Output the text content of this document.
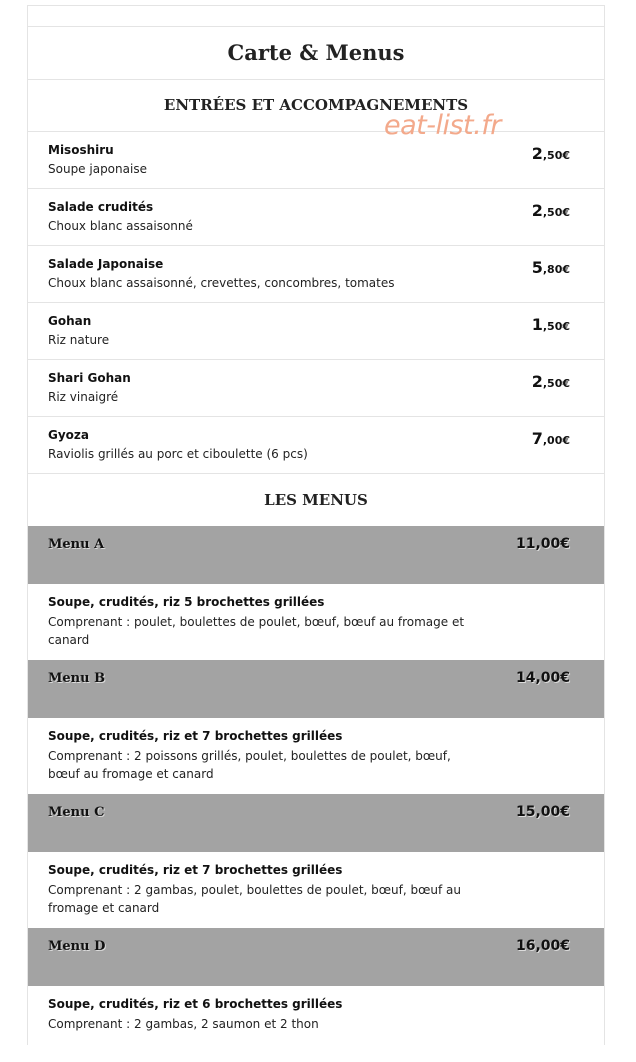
Carte & Menus
ENTRÉES ET ACCOMPAGNEMENTS
eat-list.fr
Misoshiru
Soupe japonaise
2,50€
Salade crudités
Choux blanc assaisonné
2,50€
Salade Japonaise
Choux blanc assaisonné, crevettes, concombres, tomates
5,80€
Gohan
Riz nature
1,50€
Shari Gohan
Riz vinaigré
2,50€
Gyoza
Raviolis grillés au porc et ciboulette (6 pcs)
7,00€
LES MENUS
Menu A	11,00€
Soupe, crudités, riz 5 brochettes grillées
Comprenant : poulet, boulettes de poulet, bœuf, bœuf au fromage et canard
Menu B	14,00€
Soupe, crudités, riz et 7 brochettes grillées
Comprenant : 2 poissons grillés, poulet, boulettes de poulet, bœuf, bœuf au fromage et canard
Menu C	15,00€
Soupe, crudités, riz et 7 brochettes grillées
Comprenant : 2 gambas, poulet, boulettes de poulet, bœuf, bœuf au fromage et canard
Menu D	16,00€
Soupe, crudités, riz et 6 brochettes grillées
Comprenant : 2 gambas, 2 saumon et 2 thon
